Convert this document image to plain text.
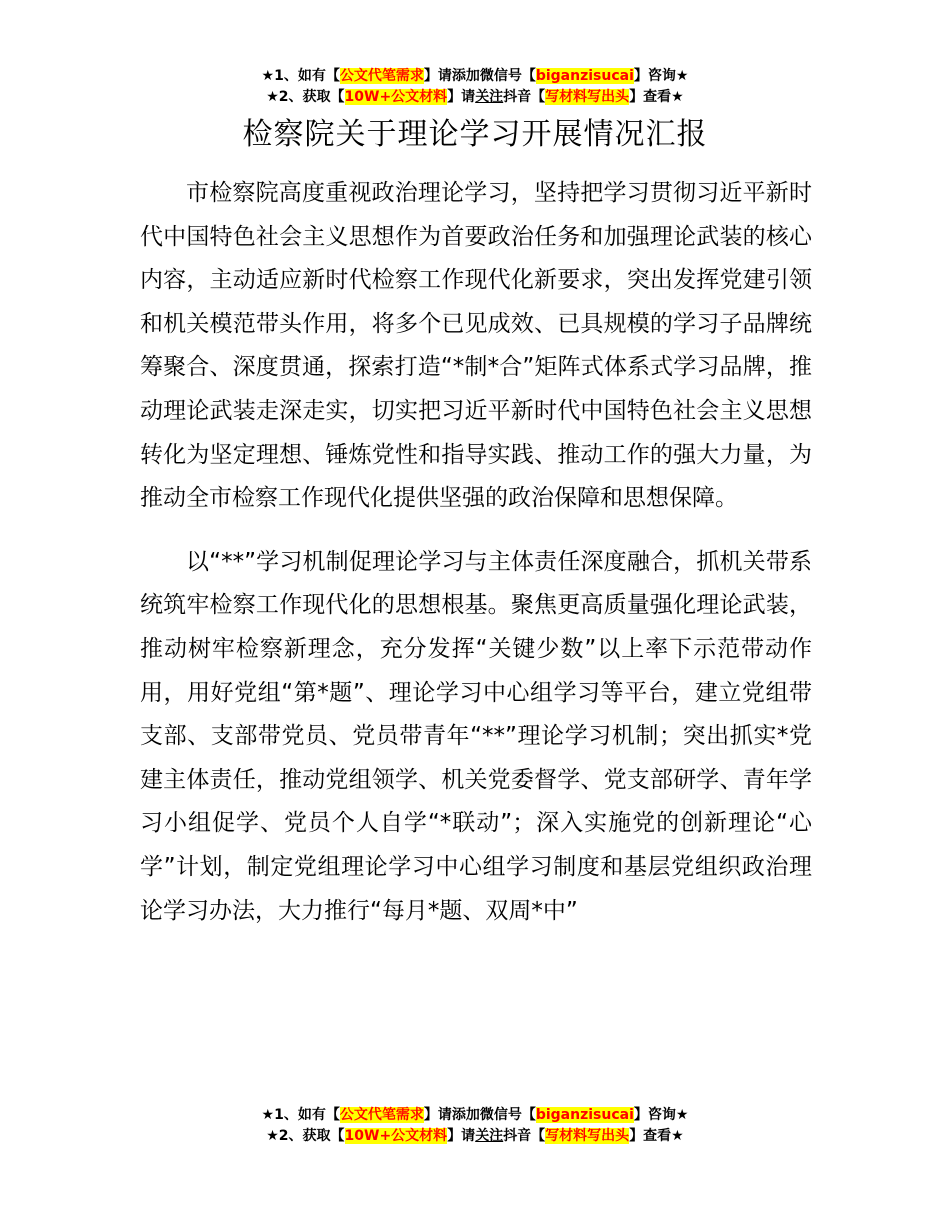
★1、如有【公文代笔需求】请添加微信号【biganzisucai】咨询★
★2、获取【10W+公文材料】请关注抖音【写材料写出头】查看★
检察院关于理论学习开展情况汇报

市检察院高度重视政治理论学习，坚持把学习贯彻习近平新时代中国特色社会主义思想作为首要政治任务和加强理论武装的核心内容，主动适应新时代检察工作现代化新要求，突出发挥党建引领和机关模范带头作用，将多个已见成效、已具规模的学习子品牌统筹聚合、深度贯通，探索打造“*制*合”矩阵式体系式学习品牌，推动理论武装走深走实，切实把习近平新时代中国特色社会主义思想转化为坚定理想、锤炼党性和指导实践、推动工作的强大力量，为推动全市检察工作现代化提供坚强的政治保障和思想保障。

以“**”学习机制促理论学习与主体责任深度融合，抓机关带系统筑牢检察工作现代化的思想根基。聚焦更高质量强化理论武装，推动树牢检察新理念，充分发挥“关键少数”以上率下示范带动作用，用好党组“第*题”、理论学习中心组学习等平台，建立党组带支部、支部带党员、党员带青年“**”理论学习机制；突出抓实*党建主体责任，推动党组领学、机关党委督学、党支部研学、青年学习小组促学、党员个人自学“*联动”；深入实施党的创新理论“心学”计划，制定党组理论学习中心组学习制度和基层党组织政治理论学习办法，大力推行“每月*题、双周*中”

★1、如有【公文代笔需求】请添加微信号【biganzisucai】咨询★
★2、获取【10W+公文材料】请关注抖音【写材料写出头】查看★
